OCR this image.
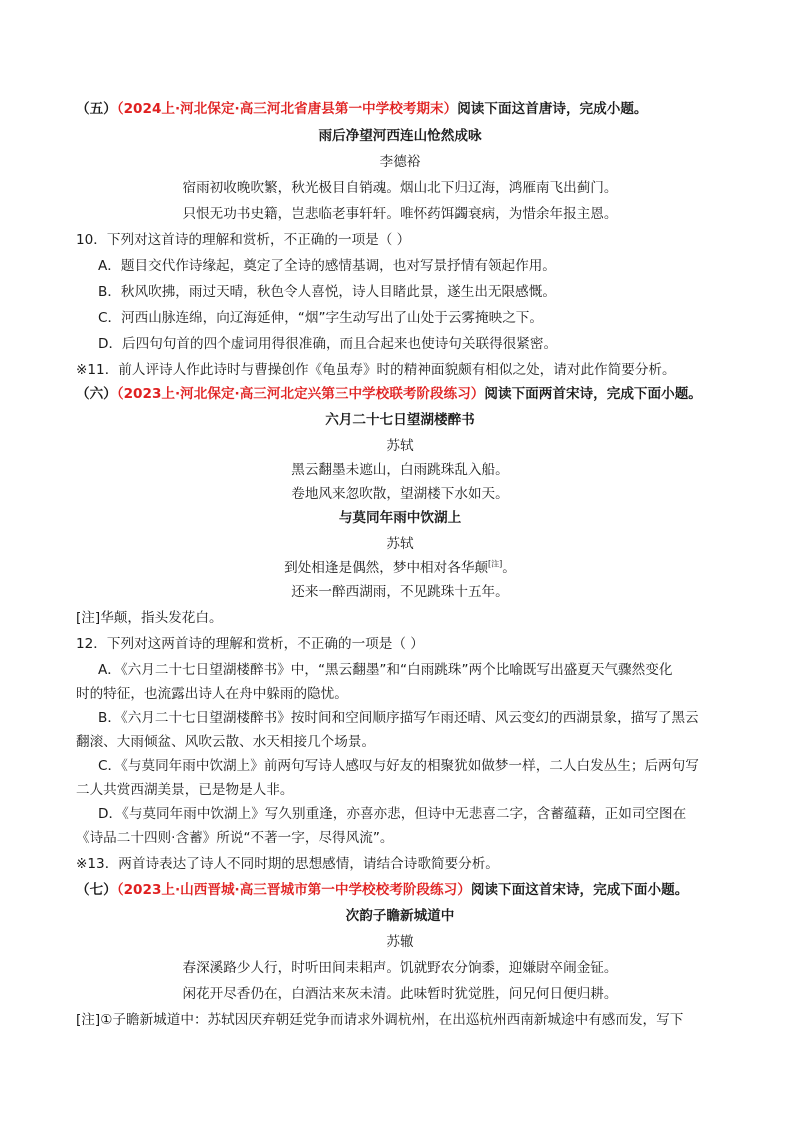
（五）（2024上·河北保定·高三河北省唐县第一中学校考期末）阅读下面这首唐诗，完成小题。
雨后净望河西连山怆然成咏
李德裕
宿雨初收晚吹繁，秋光极目自销魂。烟山北下归辽海，鸿雁南飞出蓟门。
只恨无功书史籍，岂悲临老事轩轩。唯怀药饵蠲衰病，为惜余年报主恩。
10．下列对这首诗的理解和赏析，不正确的一项是（ ）
A．题目交代作诗缘起，奠定了全诗的感情基调，也对写景抒情有领起作用。
B．秋风吹拂，雨过天晴，秋色令人喜悦，诗人目睹此景，遂生出无限感慨。
C．河西山脉连绵，向辽海延伸，“烟”字生动写出了山处于云雾掩映之下。
D．后四句句首的四个虚词用得很准确，而且合起来也使诗句关联得很紧密。
※11．前人评诗人作此诗时与曹操创作《龟虽寿》时的精神面貌颇有相似之处，请对此作简要分析。
（六）（2023上·河北保定·高三河北定兴第三中学校联考阶段练习）阅读下面两首宋诗，完成下面小题。
六月二十七日望湖楼醉书
苏轼
黑云翻墨未遮山，白雨跳珠乱入船。
卷地风来忽吹散，望湖楼下水如天。
与莫同年雨中饮湖上
苏轼
到处相逢是偶然，梦中相对各华颠[注]。
还来一醉西湖雨，不见跳珠十五年。
[注]华颠，指头发花白。
12．下列对这两首诗的理解和赏析，不正确的一项是（ ）
A．《六月二十七日望湖楼醉书》中，“黑云翻墨”和“白雨跳珠”两个比喻既写出盛夏天气骤然变化
时的特征，也流露出诗人在舟中躲雨的隐忧。
B．《六月二十七日望湖楼醉书》按时间和空间顺序描写乍雨还晴、风云变幻的西湖景象，描写了黑云
翻滚、大雨倾盆、风吹云散、水天相接几个场景。
C．《与莫同年雨中饮湖上》前两句写诗人感叹与好友的相聚犹如做梦一样，二人白发丛生；后两句写
二人共赏西湖美景，已是物是人非。
D．《与莫同年雨中饮湖上》写久别重逢，亦喜亦悲，但诗中无悲喜二字，含蓄蕴藉，正如司空图在
《诗品二十四则·含蓄》所说“不著一字，尽得风流”。
※13．两首诗表达了诗人不同时期的思想感情，请结合诗歌简要分析。
（七）（2023上·山西晋城·高三晋城市第一中学校校考阶段练习）阅读下面这首宋诗，完成下面小题。
次韵子瞻新城道中
苏辙
春深溪路少人行，时听田间耒耜声。饥就野农分饷黍，迎嫌尉卒闹金钲。
闲花开尽香仍在，白酒沽来灰未清。此味暂时犹觉胜，问兄何日便归耕。
[注]①子瞻新城道中：苏轼因厌弃朝廷党争而请求外调杭州，在出巡杭州西南新城途中有感而发，写下
